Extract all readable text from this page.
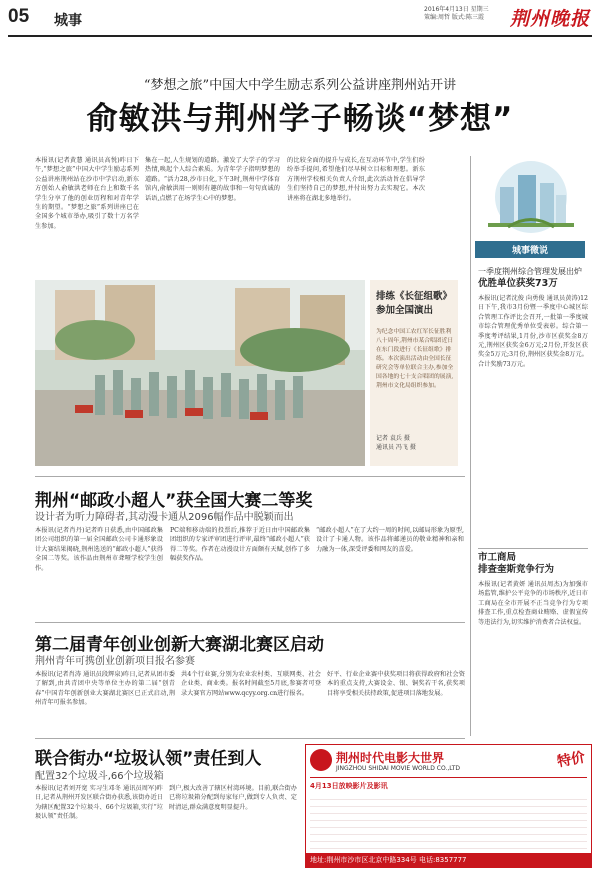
05 城事
2016年4月13日 星期三
策编:周哲 版式:陈三霞	荆州晚报
“梦想之旅”中国大中学生励志系列公益讲座荆州站开讲
俞敏洪与荆州学子畅谈“梦想”
本报讯(记者黄慧 通讯员高悦)昨日下午,“梦想之旅”中国大中学生励志系列公益讲座荆州站在沙市中学启动,新东方创始人俞敏洪老师在台上和数千名学生分享了他的创业历程和对青年学生的期望。“梦想之旅”系列讲座已在全国多个城市举办,吸引了数十万名学生参加。
集在一起,人生规划的道路。激发了大学子的学习热情,唤起个人综合素质。为青年学子指明梦想的道路。“活力28,沙市日化,下午3时,荆州中学体育馆内,俞敏洪用一则则有趣的故事和一句句真诚的话语,点燃了在场学生心中的梦想。
的比较全面的提升与成长,在互动环节中,学生们纷纷举手提问,希望他们尽早树立目标和理想。新东方荆州学校相关负责人介绍,此次活动旨在倡导学生们坚持自己的梦想,并付出努力去实现它。本次讲座将在湖北多地举行。
城事微说
排练《长征组歌》参加全国演出
为纪念中国工农红军长征胜利八十周年,荆州市某合唱团近日在东门段进行《长征组歌》排练。本次演出活动由全国长征研究会等单位联合主办,参加全国各地的七十支合唱团的展演,荆州市文化局组织参加。
记者 袁兵 摄
通讯员 冯飞 摄
荆州“邮政小超人”获全国大赛二等奖
设计者为听力障碍者,其动漫卡通从2096幅作品中脱颖而出
本报讯(记者肖丹)记者昨日获悉,由中国邮政集团公司组织的第一届全国邮政公司卡通形象设计大赛结果揭晓,荆州选送的“邮政小超人”获得全国二等奖。该作品由荆州市聋哑学校学生创作。
PC端和移动端的投票后,推荐于近日由中国邮政集团组织的专家评审团进行评审,最终“邮政小超人”获得二等奖。作者在动漫设计方面颇有天赋,创作了多幅获奖作品。
“邮政小超人”在了大约一周的时间,以邮局形象为原型,设计了卡通人物。该作品将邮递员的敬业精神和亲和力融为一体,深受评委和网友的喜爱。
第二届青年创业创新大赛湖北赛区启动
荆州青年可携创业创新项目报名参赛
本报讯(记者肖涛 通讯员段辉泉)昨日,记者从团市委了解到,由共青团中央等单位主办的第二届“创青春”中国青年创新创业大赛湖北赛区已正式启动,荆州青年可报名参加。
共4个行业赛,分别为农业农村类、互联网类、社会企业类、商业类。报名时间截至5月底,参赛者可登录大赛官方网站www.qcyy.org.cn进行报名。
好平、行业企业赛中获奖项目将获得政府和社会资本的重点支持,大赛设金、银、铜奖若干名,获奖项目将享受相关扶持政策,促进项目落地发展。
联合街办“垃圾认领”责任到人
配置32个垃圾斗,66个垃圾箱
本报讯(记者刘开宽 实习生邓冬 通讯员周军)昨日,记者从荆州开发区联合街办获悉,该街办近日为辖区配置32个垃圾斗、66个垃圾箱,实行“垃圾认领”责任制。
到户,极大改善了辖区村湾环境。目前,联合街办已将垃圾箱分配到每家每户,做到专人负责、定时清运,群众满意度明显提升。
一季度荆州综合管理发展出炉
优胜单位获奖73万
本报讯(记者沈俊 向勇俊 通讯员黄涛)12日下午,我市3月份暨一季度中心城区综合管理工作评比会召开,一批第一季度城市综合管理优秀单位受表彰。综合第一季度考评结果,1月份,沙市区获奖金8万元,荆州区获奖金6万元;2月份,开发区获奖金5万元;3月份,荆州区获奖金8万元。合计奖励73万元。
市工商局
排查奎斯竞争行为
本报讯(记者黄妍 通讯员周杰)为加强市场监管,维护公平竞争的市场秩序,近日市工商局在全市开展不正当竞争行为专项排查工作,重点检查商业贿赂、虚假宣传等违法行为,切实维护消费者合法权益。
荆州时代电影大世界
JINGZHOU SHIDAI MOVIE WORLD CO.,LTD	特价
4月13日放映影片及影讯
地址:荆州市沙市区北京中路334号 电话:8357777
